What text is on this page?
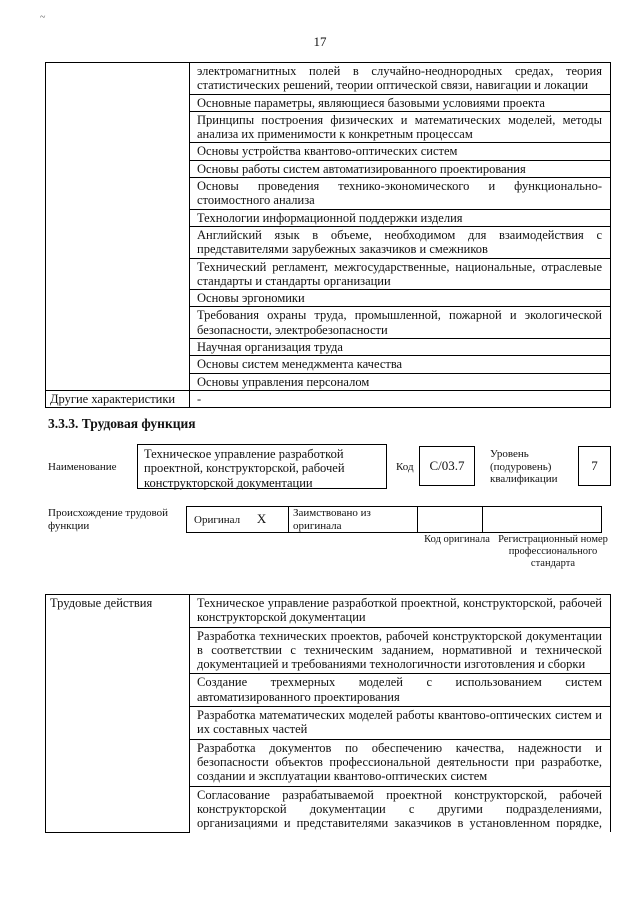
~
17
	электромагнитных полей в случайно-неоднородных средах, теория статистических решений, теории оптической связи, навигации и локации
	Основные параметры, являющиеся базовыми условиями проекта
	Принципы построения физических и математических моделей, методы анализа их применимости к конкретным процессам
	Основы устройства квантово-оптических систем
	Основы работы систем автоматизированного проектирования
	Основы проведения технико-экономического и функционально-стоимостного анализа
	Технологии информационной поддержки изделия
	Английский язык в объеме, необходимом для взаимодействия с представителями зарубежных заказчиков и смежников
	Технический регламент, межгосударственные, национальные, отраслевые стандарты и стандарты организации
	Основы эргономики
	Требования охраны труда, промышленной, пожарной и экологической безопасности, электробезопасности
	Научная организация труда
	Основы систем менеджмента качества
	Основы управления персоналом
Другие характеристики	-
3.3.3. Трудовая функция
Наименование
Техническое управление разработкой проектной, конструкторской, рабочей конструкторской документации
Код	С/03.7
Уровень (подуровень) квалификации
7
Происхождение трудовой функции
Оригинал X	Заимствовано из оригинала		
Код оригинала Регистрационный номер профессионального стандарта
Трудовые действия	Техническое управление разработкой проектной, конструкторской, рабочей конструкторской документации
Разработка технических проектов, рабочей конструкторской документации в соответствии с техническим заданием, нормативной и технической документацией и требованиями технологичности изготовления и сборки
Создание трехмерных моделей с использованием систем автоматизированного проектирования
Разработка математических моделей работы квантово-оптических систем и их составных частей
Разработка документов по обеспечению качества, надежности и безопасности объектов профессиональной деятельности при разработке, создании и эксплуатации квантово-оптических систем
Согласование разрабатываемой проектной конструкторской, рабочей конструкторской документации с другими подразделениями, организациями и представителями заказчиков в установленном порядке,
